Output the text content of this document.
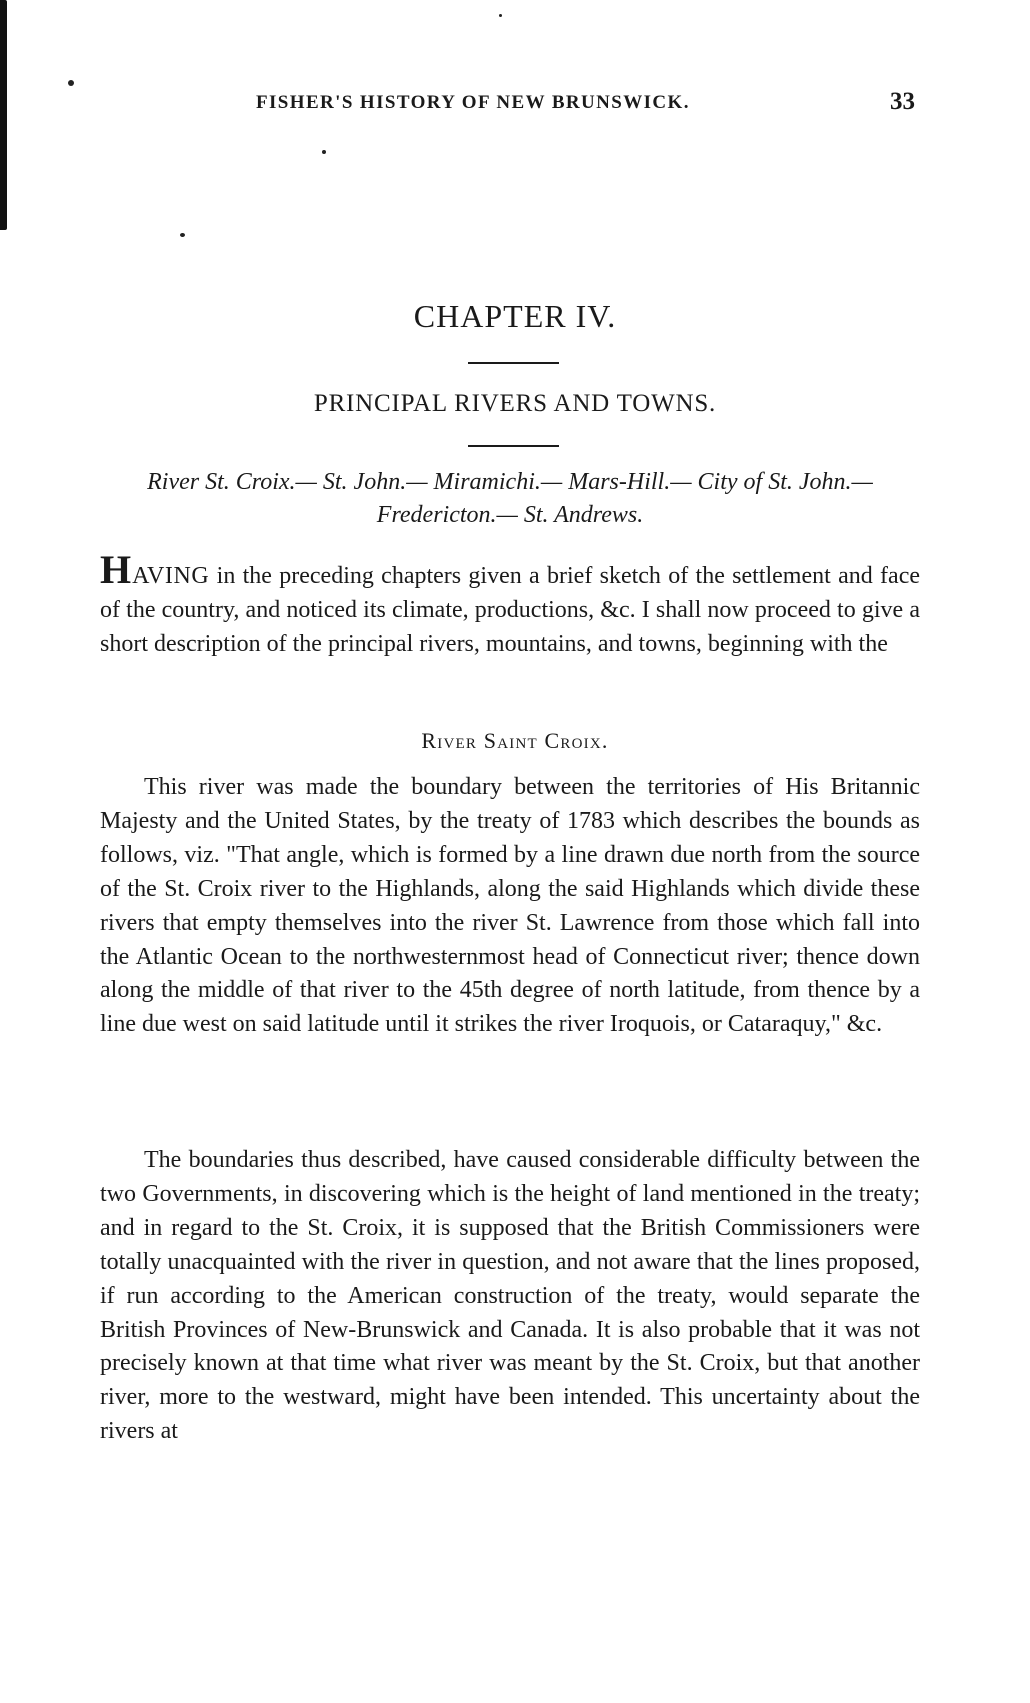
FISHER'S HISTORY OF NEW BRUNSWICK.	33
CHAPTER IV.
PRINCIPAL RIVERS AND TOWNS.
River St. Croix.— St. John.— Miramichi.— Mars-Hill.— City of St. John.— Fredericton.— St. Andrews.
HAVING in the preceding chapters given a brief sketch of the settlement and face of the country, and noticed its climate, productions, &c. I shall now proceed to give a short description of the principal rivers, mountains, and towns, beginning with the
River Saint Croix.
This river was made the boundary between the territories of His Britannic Majesty and the United States, by the treaty of 1783 which describes the bounds as follows, viz. "That angle, which is formed by a line drawn due north from the source of the St. Croix river to the Highlands, along the said Highlands which divide these rivers that empty themselves into the river St. Lawrence from those which fall into the Atlantic Ocean to the northwesternmost head of Connecticut river; thence down along the middle of that river to the 45th degree of north latitude, from thence by a line due west on said latitude until it strikes the river Iroquois, or Cataraquy," &c.
The boundaries thus described, have caused considerable difficulty between the two Governments, in discovering which is the height of land mentioned in the treaty; and in regard to the St. Croix, it is supposed that the British Commissioners were totally unacquainted with the river in question, and not aware that the lines proposed, if run according to the American construction of the treaty, would separate the British Provinces of New-Brunswick and Canada. It is also probable that it was not precisely known at that time what river was meant by the St. Croix, but that another river, more to the westward, might have been intended. This uncertainty about the rivers at
